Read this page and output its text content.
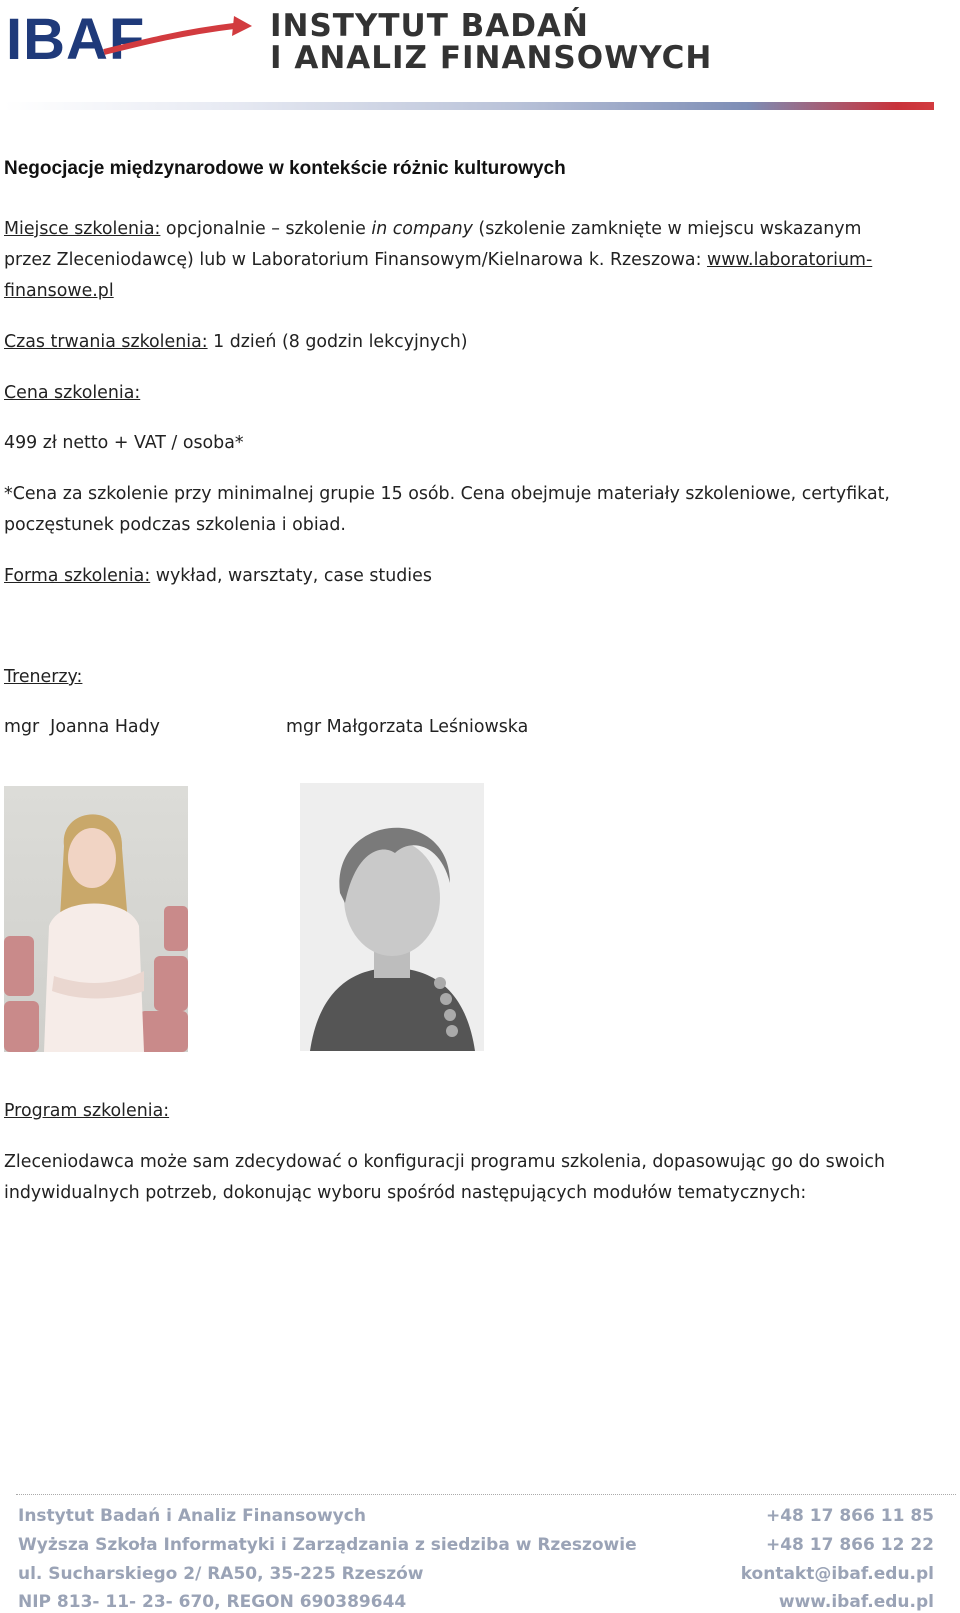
IBAF	INSTYTUT BADAŃ
I ANALIZ FINANSOWYCH
Negocjacje międzynarodowe w kontekście różnic kulturowych
Miejsce szkolenia: opcjonalnie – szkolenie in company (szkolenie zamknięte w miejscu wskazanym
przez Zleceniodawcę) lub w Laboratorium Finansowym/Kielnarowa k. Rzeszowa: www.laboratorium-
finansowe.pl
Czas trwania szkolenia: 1 dzień (8 godzin lekcyjnych)
Cena szkolenia:
499 zł netto + VAT / osoba*
*Cena za szkolenie przy minimalnej grupie 15 osób. Cena obejmuje materiały szkoleniowe, certyfikat,
poczęstunek podczas szkolenia i obiad.
Forma szkolenia: wykład, warsztaty, case studies
Trenerzy:
mgr  Joanna Hady	mgr Małgorzata Leśniowska
Program szkolenia:
Zleceniodawca może sam zdecydować o konfiguracji programu szkolenia, dopasowując go do swoich
indywidualnych potrzeb, dokonując wyboru spośród następujących modułów tematycznych:
Instytut Badań i Analiz Finansowych
Wyższa Szkoła Informatyki i Zarządzania z siedziba w Rzeszowie
ul. Sucharskiego 2/ RA50, 35-225 Rzeszów
NIP 813- 11- 23- 670, REGON 690389644
+48 17 866 11 85
+48 17 866 12 22
kontakt@ibaf.edu.pl
www.ibaf.edu.pl
